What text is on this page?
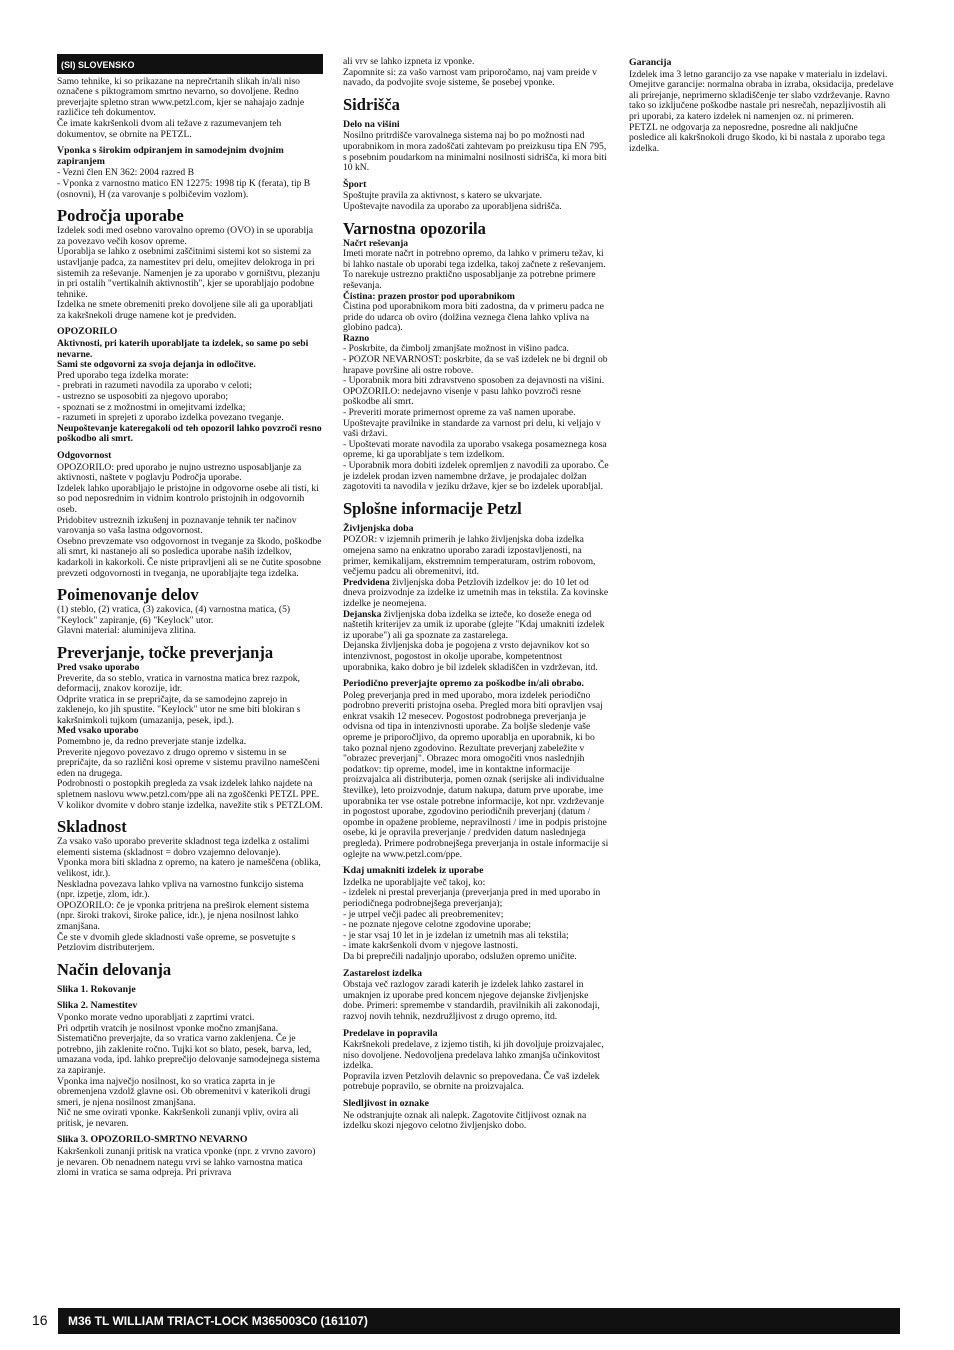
(SI) SLOVENSKO

Samo tehnike, ki so prikazane na neprečrtanih slikah in/ali niso označene s piktogramom smrtno nevarno, so dovoljene. Redno preverjajte spletno stran www.petzl.com, kjer se nahajajo zadnje različice teh dokumentov.
Če imate kakršenkoli dvom ali težave z razumevanjem teh dokumentov, se obrnite na PETZL.

Vponka s širokim odpiranjem in samodejnim dvojnim zapiranjem

- Vezni člen EN 362: 2004 razred B
- Vponka z varnostno matico EN 12275: 1998 tip K (ferata), tip B (osnovni), H (za varovanje s polbičevim vozlom).

Področja uporabe

Izdelek sodi med osebno varovalno opremo (OVO) in se uporablja za povezavo večih kosov opreme.
Uporablja se lahko z osebnimi zaščitnimi sistemi kot so sistemi za ustavljanje padca, za namestitev pri delu, omejitev delokroga in pri sistemih za reševanje. Namenjen je za uporabo v gorništvu, plezanju in pri ostalih "vertikalnih aktivnostih", kjer se uporabljajo podobne tehnike.
Izdelka ne smete obremeniti preko dovoljene sile ali ga uporabljati za kakršnekoli druge namene kot je predviden.

OPOZORILO

Aktivnosti, pri katerih uporabljate ta izdelek, so same po sebi nevarne.
Sami ste odgovorni za svoja dejanja in odločitve.

Pred uporabo tega izdelka morate:
- prebrati in razumeti navodila za uporabo v celoti;
- ustrezno se usposobiti za njegovo uporabo;
- spoznati se z možnostmi in omejitvami izdelka;
- razumeti in sprejeti z uporabo izdelka povezano tveganje.

Neupoštevanje kateregakoli od teh opozoril lahko povzroči resno poškodbo ali smrt.

Odgovornost

OPOZORILO: pred uporabo je nujno ustrezno usposabljanje za aktivnosti, naštete v poglavju Področja uporabe.
Izdelek lahko uporabljajo le pristojne in odgovorne osebe ali tisti, ki so pod neposrednim in vidnim kontrolo pristojnih in odgovornih oseb.
Pridobitev ustreznih izkušenj in poznavanje tehnik ter načinov varovanja so vaša lastna odgovornost.
Osebno prevzemate vso odgovornost in tveganje za škodo, poškodbe ali smrt, ki nastanejo ali so posledica uporabe naših izdelkov, kadarkoli in kakorkoli. Če niste pripravljeni ali se ne čutite sposobne prevzeti odgovornosti in tveganja, ne uporabljajte tega izdelka.

Poimenovanje delov

(1) steblo, (2) vratica, (3) zakovica, (4) varnostna matica, (5) "Keylock" zapiranje, (6) "Keylock" utor.
Glavni material: aluminijeva zlitina.

Preverjanje, točke preverjanja

Pred vsako uporabo

Preverite, da so steblo, vratica in varnostna matica brez razpok, deformacij, znakov korozije, idr.
Odprite vratica in se prepričajte, da se samodejno zaprejo in zaklenejo, ko jih spustite. "Keylock" utor ne sme biti blokiran s kakršnimkoli tujkom (umazanija, pesek, ipd.).

Med vsako uporabo

Pomembno je, da redno preverjate stanje izdelka.
Preverite njegovo povezavo z drugo opremo v sistemu in se prepričajte, da so različni kosi opreme v sistemu pravilno nameščeni eden na drugega.
Podrobnosti o postopkih pregleda za vsak izdelek lahko najdete na spletnem naslovu www.petzl.com/ppe ali na zgoščenki PETZL PPE.
V kolikor dvomite v dobro stanje izdelka, navežite stik s PETZLOM.

Skladnost

Za vsako vašo uporabo preverite skladnost tega izdelka z ostalimi elementi sistema (skladnost = dobro vzajemno delovanje).
Vponka mora biti skladna z opremo, na katero je nameščena (oblika, velikost, idr.).
Neskladna povezava lahko vpliva na varnostno funkcijo sistema (npr. izpetje, zlom, idr.).
OPOZORILO: če je vponka pritrjena na preširok element sistema (npr. široki trakovi, široke palice, idr.), je njena nosilnost lahko zmanjšana.
Če ste v dvomih glede skladnosti vaše opreme, se posvetujte s Petzlovim distributerjem.

Način delovanja
Slika 1. Rokovanje
Slika 2. Namestitev

Vponko morate vedno uporabljati z zaprtimi vratci.
Pri odprtih vratcih je nosilnost vponke močno zmanjšana.
Sistematično preverjajte, da so vratica varno zaklenjena. Če je potrebno, jih zaklenite ročno. Tujki kot so blato, pesek, barva, led, umazana voda, ipd. lahko preprečijo delovanje samodejnega sistema za zapiranje.
Vponka ima največjo nosilnost, ko so vratica zaprta in je obremenjena vzdolž glavne osi. Ob obremenitvi v katerikoli drugi smeri, je njena nosilnost zmanjšana.
Nič ne sme ovirati vponke. Kakršenkoli zunanji vpliv, ovira ali pritisk, je nevaren.

Slika 3. OPOZORILO-SMRTNO NEVARNO

Kakršenkoli zunanji pritisk na vratica vponke (npr. z vrvno zavoro) je nevaren. Ob nenadnem nategu vrvi se lahko varnostna matica zlomi in vratica se sama odpreja. Pri privrava

ali vrv se lahko izpneta iz vponke.
Zapomnite si: za vašo varnost vam priporočamo, naj vam preide v navado, da podvojite svoje sisteme, še posebej vponke.

Sidrišča
Delo na višini

Nosilno pritrdišče varovalnega sistema naj bo po možnosti nad uporabnikom in mora zadoščati zahtevam po preizkusu tipa EN 795, s posebnim poudarkom na minimalni nosilnosti sidrišča, ki mora biti 10 kN.

Šport

Spoštujte pravila za aktivnost, s katero se ukvarjate.
Upoštevajte navodila za uporabo za uporabljena sidrišča.

Varnostna opozorila

Načrt reševanja

Imeti morate načrt in potrebno opremo, da lahko v primeru težav, ki bi lahko nastale ob uporabi tega izdelka, takoj začnete z reševanjem. To narekuje ustrezno praktično usposabljanje za potrebne primere reševanja.

Čistina: prazen prostor pod uporabnikom

Čistina pod uporabnikom mora biti zadostna, da v primeru padca ne pride do udarca ob oviro (dolžina veznega člena lahko vpliva na globino padca).

Razno

- Poskrbite, da čimbolj zmanjšate možnost in višino padca.
- POZOR NEVARNOST: poskrbite, da se vaš izdelek ne bi drgnil ob hrapave površine ali ostre robove.
- Uporabnik mora biti zdravstveno sposoben za dejavnosti na višini. OPOZORILO: nedejavno visenje v pasu lahko povzroči resne poškodbe ali smrt.
- Preveriti morate primernost opreme za vaš namen uporabe. Upoštevajte pravilnike in standarde za varnost pri delu, ki veljajo v vaši državi.
- Upoštevati morate navodila za uporabo vsakega posameznega kosa opreme, ki ga uporabljate s tem izdelkom.
- Uporabnik mora dobiti izdelek opremljen z navodili za uporabo. Če je izdelek prodan izven namembne države, je prodajalec dolžan zagotoviti ta navodila v jeziku države, kjer se bo izdelek uporabljal.

Splošne informacije Petzl
Življenjska doba

POZOR: v izjemnih primerih je lahko življenjska doba izdelka omejena samo na enkratno uporabo zaradi izpostavljenosti, na primer, kemikalijam, ekstremnim temperaturam, ostrim robovom, večjemu padcu ali obremenitvi, itd.

Predvidena življenjska doba Petzlovih izdelkov je: do 10 let od dneva proizvodnje za izdelke iz umetnih mas in tekstila. Za kovinske izdelke je neomejena.

Dejanska življenjska doba izdelka se izteče, ko doseže enega od naštetih kriterijev za umik iz uporabe (glejte "Kdaj umakniti izdelek iz uporabe") ali ga spoznate za zastarelega.
Dejanska življenjska doba je pogojena z vrsto dejavnikov kot so intenzivnost, pogostost in okolje uporabe, kompetentnost uporabnika, kako dobro je bil izdelek skladiščen in vzdrževan, itd.

Periodično preverjajte opremo za poškodbe in/ali obrabo.

Poleg preverjanja pred in med uporabo, mora izdelek periodično podrobno preveriti pristojna oseba. Pregled mora biti opravljen vsaj enkrat vsakih 12 mesecev. Pogostost podrobnega preverjanja je odvisna od tipa in intenzivnosti uporabe. Za boljše sledenje vaše opreme je priporočljivo, da opremo uporablja en uporabnik, ki bo tako poznal njeno zgodovino. Rezultate preverjanj zabeležite v "obrazec preverjanj". Obrazec mora omogočiti vnos naslednjih podatkov: tip opreme, model, ime in kontaktne informacije proizvajalca ali distributerja, pomen oznak (serijske ali individualne številke), leto proizvodnje, datum nakupa, datum prve uporabe, ime uporabnika ter vse ostale potrebne informacije, kot npr. vzdrževanje in pogostost uporabe, zgodovino periodičnih preverjanj (datum / opombe in opažene probleme, nepravilnosti / ime in podpis pristojne osebe, ki je opravila preverjanje / predviden datum naslednjega pregleda). Primere podrobnejšega preverjanja in ostale informacije si oglejte na www.petzl.com/ppe.

Kdaj umakniti izdelek iz uporabe

Izdelka ne uporabljajte več takoj, ko:
- izdelek ni prestal preverjanja (preverjanja pred in med uporabo in periodičnega podrobnejšega preverjanja);
- je utrpel večji padec ali preobremenitev;
- ne poznate njegove celotne zgodovine uporabe;
- je star vsaj 10 let in je izdelan iz umetnih mas ali tekstila;
- imate kakršenkoli dvom v njegove lastnosti.
Da bi preprečili nadaljnjo uporabo, odslužen opremo uničite.

Zastarelost izdelka

Obstaja več razlogov zaradi katerih je izdelek lahko zastarel in umaknjen iz uporabe pred koncem njegove dejanske življenjske dobe. Primeri: spremembe v standardih, pravilnikih ali zakonodaji, razvoj novih tehnik, nezdružljivost z drugo opremo, itd.

Predelave in popravila

Kakršnekoli predelave, z izjemo tistih, ki jih dovoljuje proizvajalec, niso dovoljene. Nedovoljena predelava lahko zmanjša učinkovitost izdelka.
Popravila izven Petzlovih delavnic so prepovedana. Če vaš izdelek potrebuje popravilo, se obrnite na proizvajalca.

Sledljivost in oznake

Ne odstranjujte oznak ali nalepk. Zagotovite čitljivost oznak na izdelku skozi njegovo celotno življenjsko dobo.

Garancija

Izdelek ima 3 letno garancijo za vse napake v materialu in izdelavi. Omejitve garancije: normalna obraba in izraba, oksidacija, predelave ali prirejanje, neprimerno skladiščenje ter slabo vzdrževanje. Ravno tako so izključene poškodbe nastale pri nesrečah, nepazljivostih ali pri uporabi, za katero izdelek ni namenjen oz. ni primeren.
PETZL ne odgovarja za neposredne, posredne ali naključne posledice ali kakršnokoli drugo škodo, ki bi nastala z uporabo tega izdelka.

16	M36 TL WILLIAM TRIACT-LOCK M365003C0 (161107)
